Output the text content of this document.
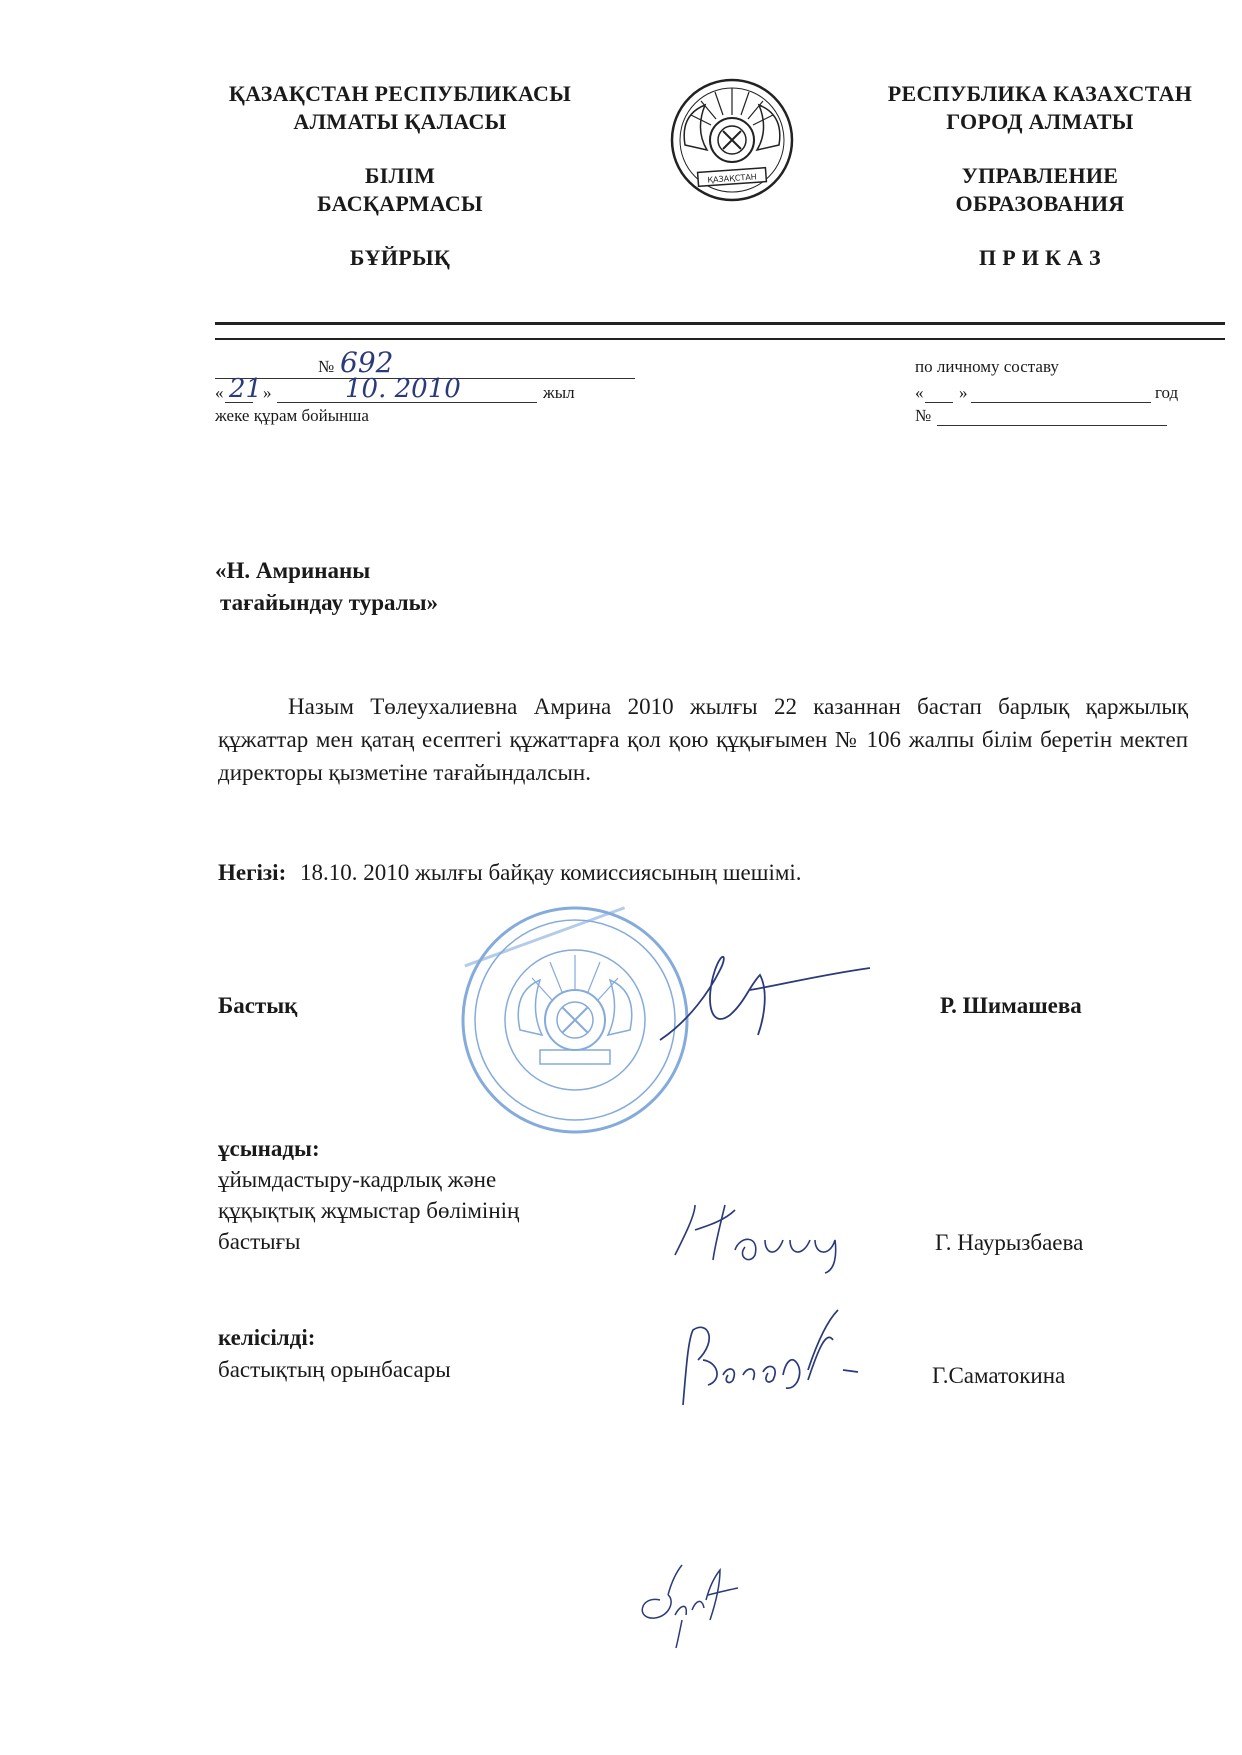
ҚАЗАҚСТАН РЕСПУБЛИКАСЫ
АЛМАТЫ ҚАЛАСЫ
БІЛІМ
БАСҚАРМАСЫ
БҰЙРЫҚ
РЕСПУБЛИКА КАЗАХСТАН
ГОРОД АЛМАТЫ
УПРАВЛЕНИЕ
ОБРАЗОВАНИЯ
П Р И К А З
ҚАЗАҚСТАН
№ 692
« 21 »	10. 2010	жыл
жеке құрам бойынша
по личному составу
« »	год
№
«Н. Амринаны
тағайындау туралы»
Назым Төлеухалиевна Амрина 2010 жылғы 22 казаннан бастап барлық қаржылық құжаттар мен қатаң есептегі құжаттарға қол қою құқығымен № 106 жалпы білім беретін мектеп директоры қызметіне тағайындалсын.
Негізі: 18.10. 2010 жылғы байқау комиссиясының шешімі.
Бастық	Р. Шимашева
ұсынады:
ұйымдастыру-кадрлық және
құқықтық жұмыстар бөлімінің
бастығы	Г. Наурызбаева
келісілді:
бастықтың орынбасары	Г.Саматокина
